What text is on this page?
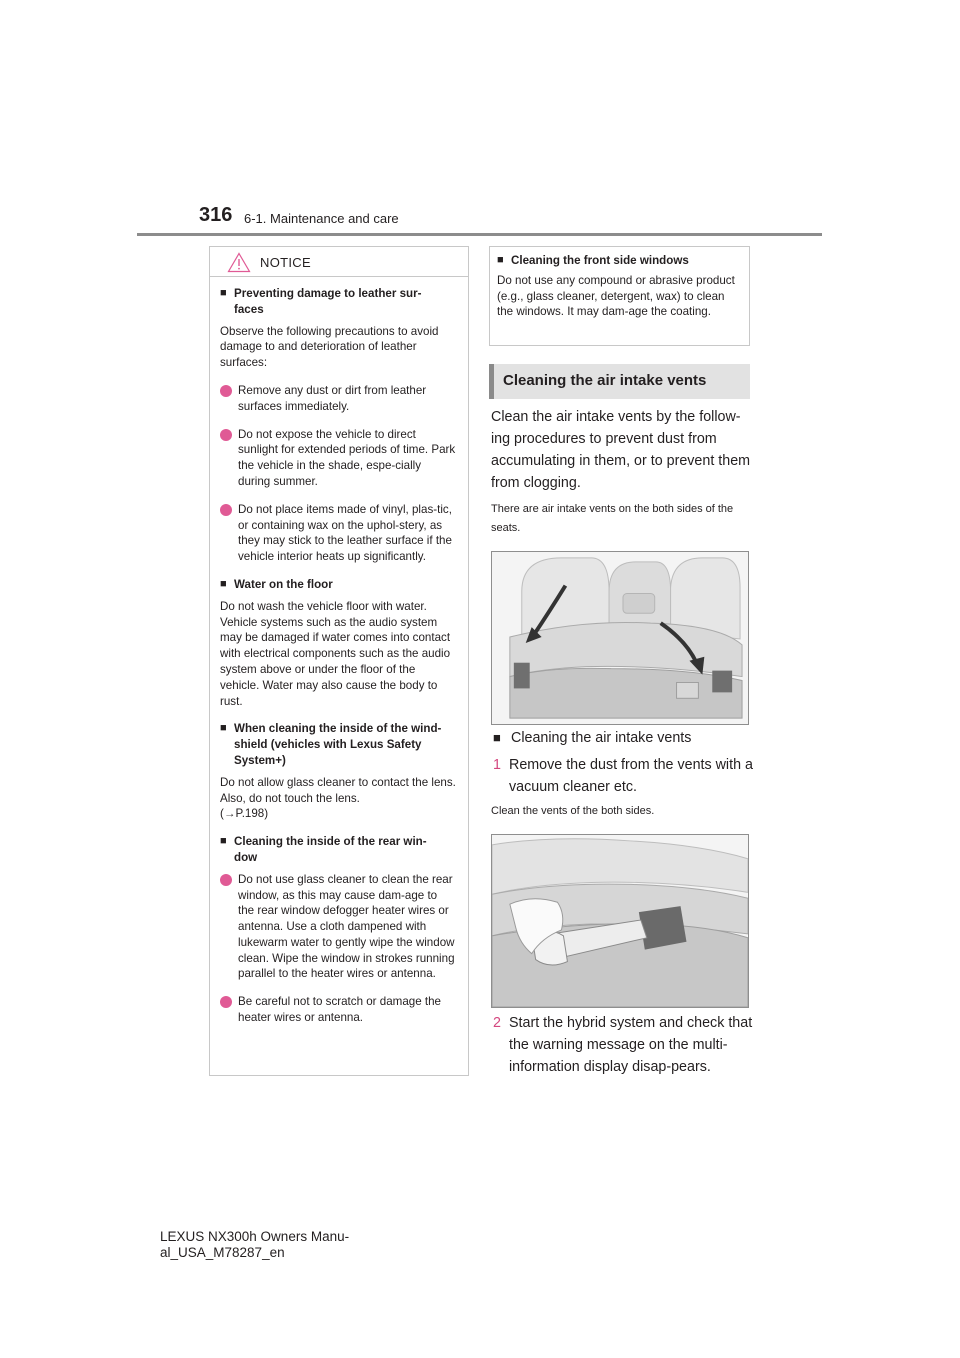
316 6-1. Maintenance and care
NOTICE
■ Preventing damage to leather sur-
faces
Observe the following precautions to avoid damage to and deterioration of leather surfaces:
Remove any dust or dirt from leather surfaces immediately.
Do not expose the vehicle to direct sunlight for extended periods of time. Park the vehicle in the shade, espe-cially during summer.
Do not place items made of vinyl, plas-tic, or containing wax on the uphol-stery, as they may stick to the leather surface if the vehicle interior heats up significantly.
■ Water on the floor
Do not wash the vehicle floor with water. Vehicle systems such as the audio system may be damaged if water comes into contact with electrical components such as the audio system above or under the floor of the vehicle. Water may also cause the body to rust.
■ When cleaning the inside of the wind-
shield (vehicles with Lexus Safety
System+)
Do not allow glass cleaner to contact the lens. Also, do not touch the lens.
(→P.198)
■ Cleaning the inside of the rear win-
dow
Do not use glass cleaner to clean the rear window, as this may cause dam-age to the rear window defogger heater wires or antenna. Use a cloth dampened with lukewarm water to gently wipe the window clean. Wipe the window in strokes running parallel to the heater wires or antenna.
Be careful not to scratch or damage the heater wires or antenna.
■ Cleaning the front side windows
Do not use any compound or abrasive product (e.g., glass cleaner, detergent, wax) to clean the windows. It may dam-age the coating.
Cleaning the air intake vents
Clean the air intake vents by the follow-ing procedures to prevent dust from accumulating in them, or to prevent them from clogging.
There are air intake vents on the both sides of the seats.
■ Cleaning the air intake vents
1 Remove the dust from the vents with a vacuum cleaner etc.
Clean the vents of the both sides.
2 Start the hybrid system and check that the warning message on the multi-information display disap-pears.
LEXUS NX300h Owners Manu-
al_USA_M78287_en
